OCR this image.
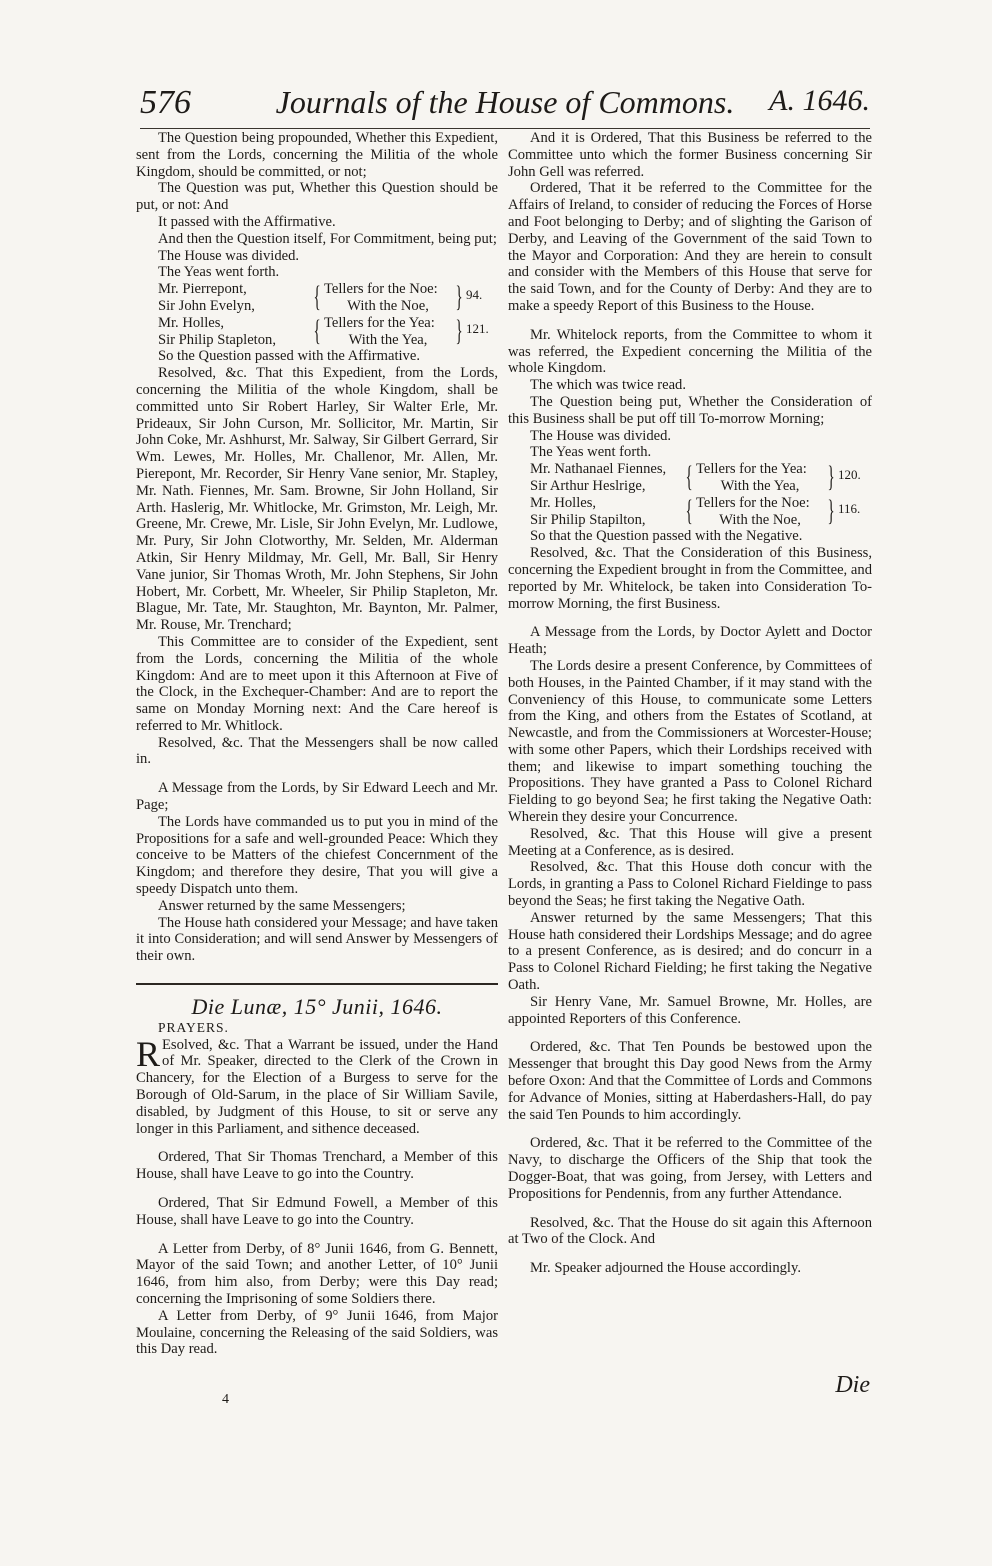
576	Journals of the House of Commons.	A. 1646.

The Question being propounded, Whether this Expedient, sent from the Lords, concerning the Militia of the whole Kingdom, should be committed, or not;

The Question was put, Whether this Question should be put, or not: And

It passed with the Affirmative.

And then the Question itself, For Commitment, being put;

The House was divided.

The Yeas went forth.

Mr. Pierrepont,	{ Tellers for the Noe: } 94.
Sir John Evelyn,	With the Noe,
Mr. Holles,	{ Tellers for the Yea: } 121.
Sir Philip Stapleton,	With the Yea,

So the Question passed with the Affirmative.

Resolved, &c. That this Expedient, from the Lords, concerning the Militia of the whole Kingdom, shall be committed unto Sir Robert Harley, Sir Walter Erle, Mr. Prideaux, Sir John Curson, Mr. Sollicitor, Mr. Martin, Sir John Coke, Mr. Ashhurst, Mr. Salway, Sir Gilbert Gerrard, Sir Wm. Lewes, Mr. Holles, Mr. Challenor, Mr. Allen, Mr. Pierepont, Mr. Recorder, Sir Henry Vane senior, Mr. Stapley, Mr. Nath. Fiennes, Mr. Sam. Browne, Sir John Holland, Sir Arth. Haslerig, Mr. Whitlocke, Mr. Grimston, Mr. Leigh, Mr. Greene, Mr. Crewe, Mr. Lisle, Sir John Evelyn, Mr. Ludlowe, Mr. Pury, Sir John Clotworthy, Mr. Selden, Mr. Alderman Atkin, Sir Henry Mildmay, Mr. Gell, Mr. Ball, Sir Henry Vane junior, Sir Thomas Wroth, Mr. John Stephens, Sir John Hobert, Mr. Corbett, Mr. Wheeler, Sir Philip Stapleton, Mr. Blague, Mr. Tate, Mr. Staughton, Mr. Baynton, Mr. Palmer, Mr. Rouse, Mr. Trenchard;

This Committee are to consider of the Expedient, sent from the Lords, concerning the Militia of the whole Kingdom: And are to meet upon it this Afternoon at Five of the Clock, in the Exchequer-Chamber: And are to report the same on Monday Morning next: And the Care hereof is referred to Mr. Whitlock.

Resolved, &c. That the Messengers shall be now called in.

A Message from the Lords, by Sir Edward Leech and Mr. Page;

The Lords have commanded us to put you in mind of the Propositions for a safe and well-grounded Peace: Which they conceive to be Matters of the chiefest Concernment of the Kingdom; and therefore they desire, That you will give a speedy Dispatch unto them.

Answer returned by the same Messengers;

The House hath considered your Message; and have taken it into Consideration; and will send Answer by Messengers of their own.

Die Lunæ, 15° Junii, 1646.

PRAYERS.

R Esolved, &c. That a Warrant be issued, under the Hand of Mr. Speaker, directed to the Clerk of the Crown in Chancery, for the Election of a Burgess to serve for the Borough of Old-Sarum, in the place of Sir William Savile, disabled, by Judgment of this House, to sit or serve any longer in this Parliament, and sithence deceased.

Ordered, That Sir Thomas Trenchard, a Member of this House, shall have Leave to go into the Country.

Ordered, That Sir Edmund Fowell, a Member of this House, shall have Leave to go into the Country.

A Letter from Derby, of 8° Junii 1646, from G. Bennett, Mayor of the said Town; and another Letter, of 10° Junii 1646, from him also, from Derby; were this Day read; concerning the Imprisoning of some Soldiers there.

A Letter from Derby, of 9° Junii 1646, from Major Moulaine, concerning the Releasing of the said Soldiers, was this Day read.

4

And it is Ordered, That this Business be referred to the Committee unto which the former Business concerning Sir John Gell was referred.

Ordered, That it be referred to the Committee for the Affairs of Ireland, to consider of reducing the Forces of Horse and Foot belonging to Derby; and of slighting the Garison of Derby, and Leaving of the Government of the said Town to the Mayor and Corporation: And they are herein to consult and consider with the Members of this House that serve for the said Town, and for the County of Derby: And they are to make a speedy Report of this Business to the House.

Mr. Whitelock reports, from the Committee to whom it was referred, the Expedient concerning the Militia of the whole Kingdom.

The which was twice read.

The Question being put, Whether the Consideration of this Business shall be put off till To-morrow Morning;

The House was divided.

The Yeas went forth.

Mr. Nathanael Fiennes, { Tellers for the Yea: } 120.
Sir Arthur Heslrige,	With the Yea,
Mr. Holles,	{ Tellers for the Noe: } 116.
Sir Philip Stapilton,	With the Noe,

So that the Question passed with the Negative.

Resolved, &c. That the Consideration of this Business, concerning the Expedient brought in from the Committee, and reported by Mr. Whitelock, be taken into Consideration To-morrow Morning, the first Business.

A Message from the Lords, by Doctor Aylett and Doctor Heath;

The Lords desire a present Conference, by Committees of both Houses, in the Painted Chamber, if it may stand with the Conveniency of this House, to communicate some Letters from the King, and others from the Estates of Scotland, at Newcastle, and from the Commissioners at Worcester-House; with some other Papers, which their Lordships received with them; and likewise to impart something touching the Propositions. They have granted a Pass to Colonel Richard Fielding to go beyond Sea; he first taking the Negative Oath: Wherein they desire your Concurrence.

Resolved, &c. That this House will give a present Meeting at a Conference, as is desired.

Resolved, &c. That this House doth concur with the Lords, in granting a Pass to Colonel Richard Fieldinge to pass beyond the Seas; he first taking the Negative Oath.

Answer returned by the same Messengers; That this House hath considered their Lordships Message; and do agree to a present Conference, as is desired; and do concurr in a Pass to Colonel Richard Fielding; he first taking the Negative Oath.

Sir Henry Vane, Mr. Samuel Browne, Mr. Holles, are appointed Reporters of this Conference.

Ordered, &c. That Ten Pounds be bestowed upon the Messenger that brought this Day good News from the Army before Oxon: And that the Committee of Lords and Commons for Advance of Monies, sitting at Haberdashers-Hall, do pay the said Ten Pounds to him accordingly.

Ordered, &c. That it be referred to the Committee of the Navy, to discharge the Officers of the Ship that took the Dogger-Boat, that was going, from Jersey, with Letters and Propositions for Pendennis, from any further Attendance.

Resolved, &c. That the House do sit again this Afternoon at Two of the Clock. And

Mr. Speaker adjourned the House accordingly.

Die
